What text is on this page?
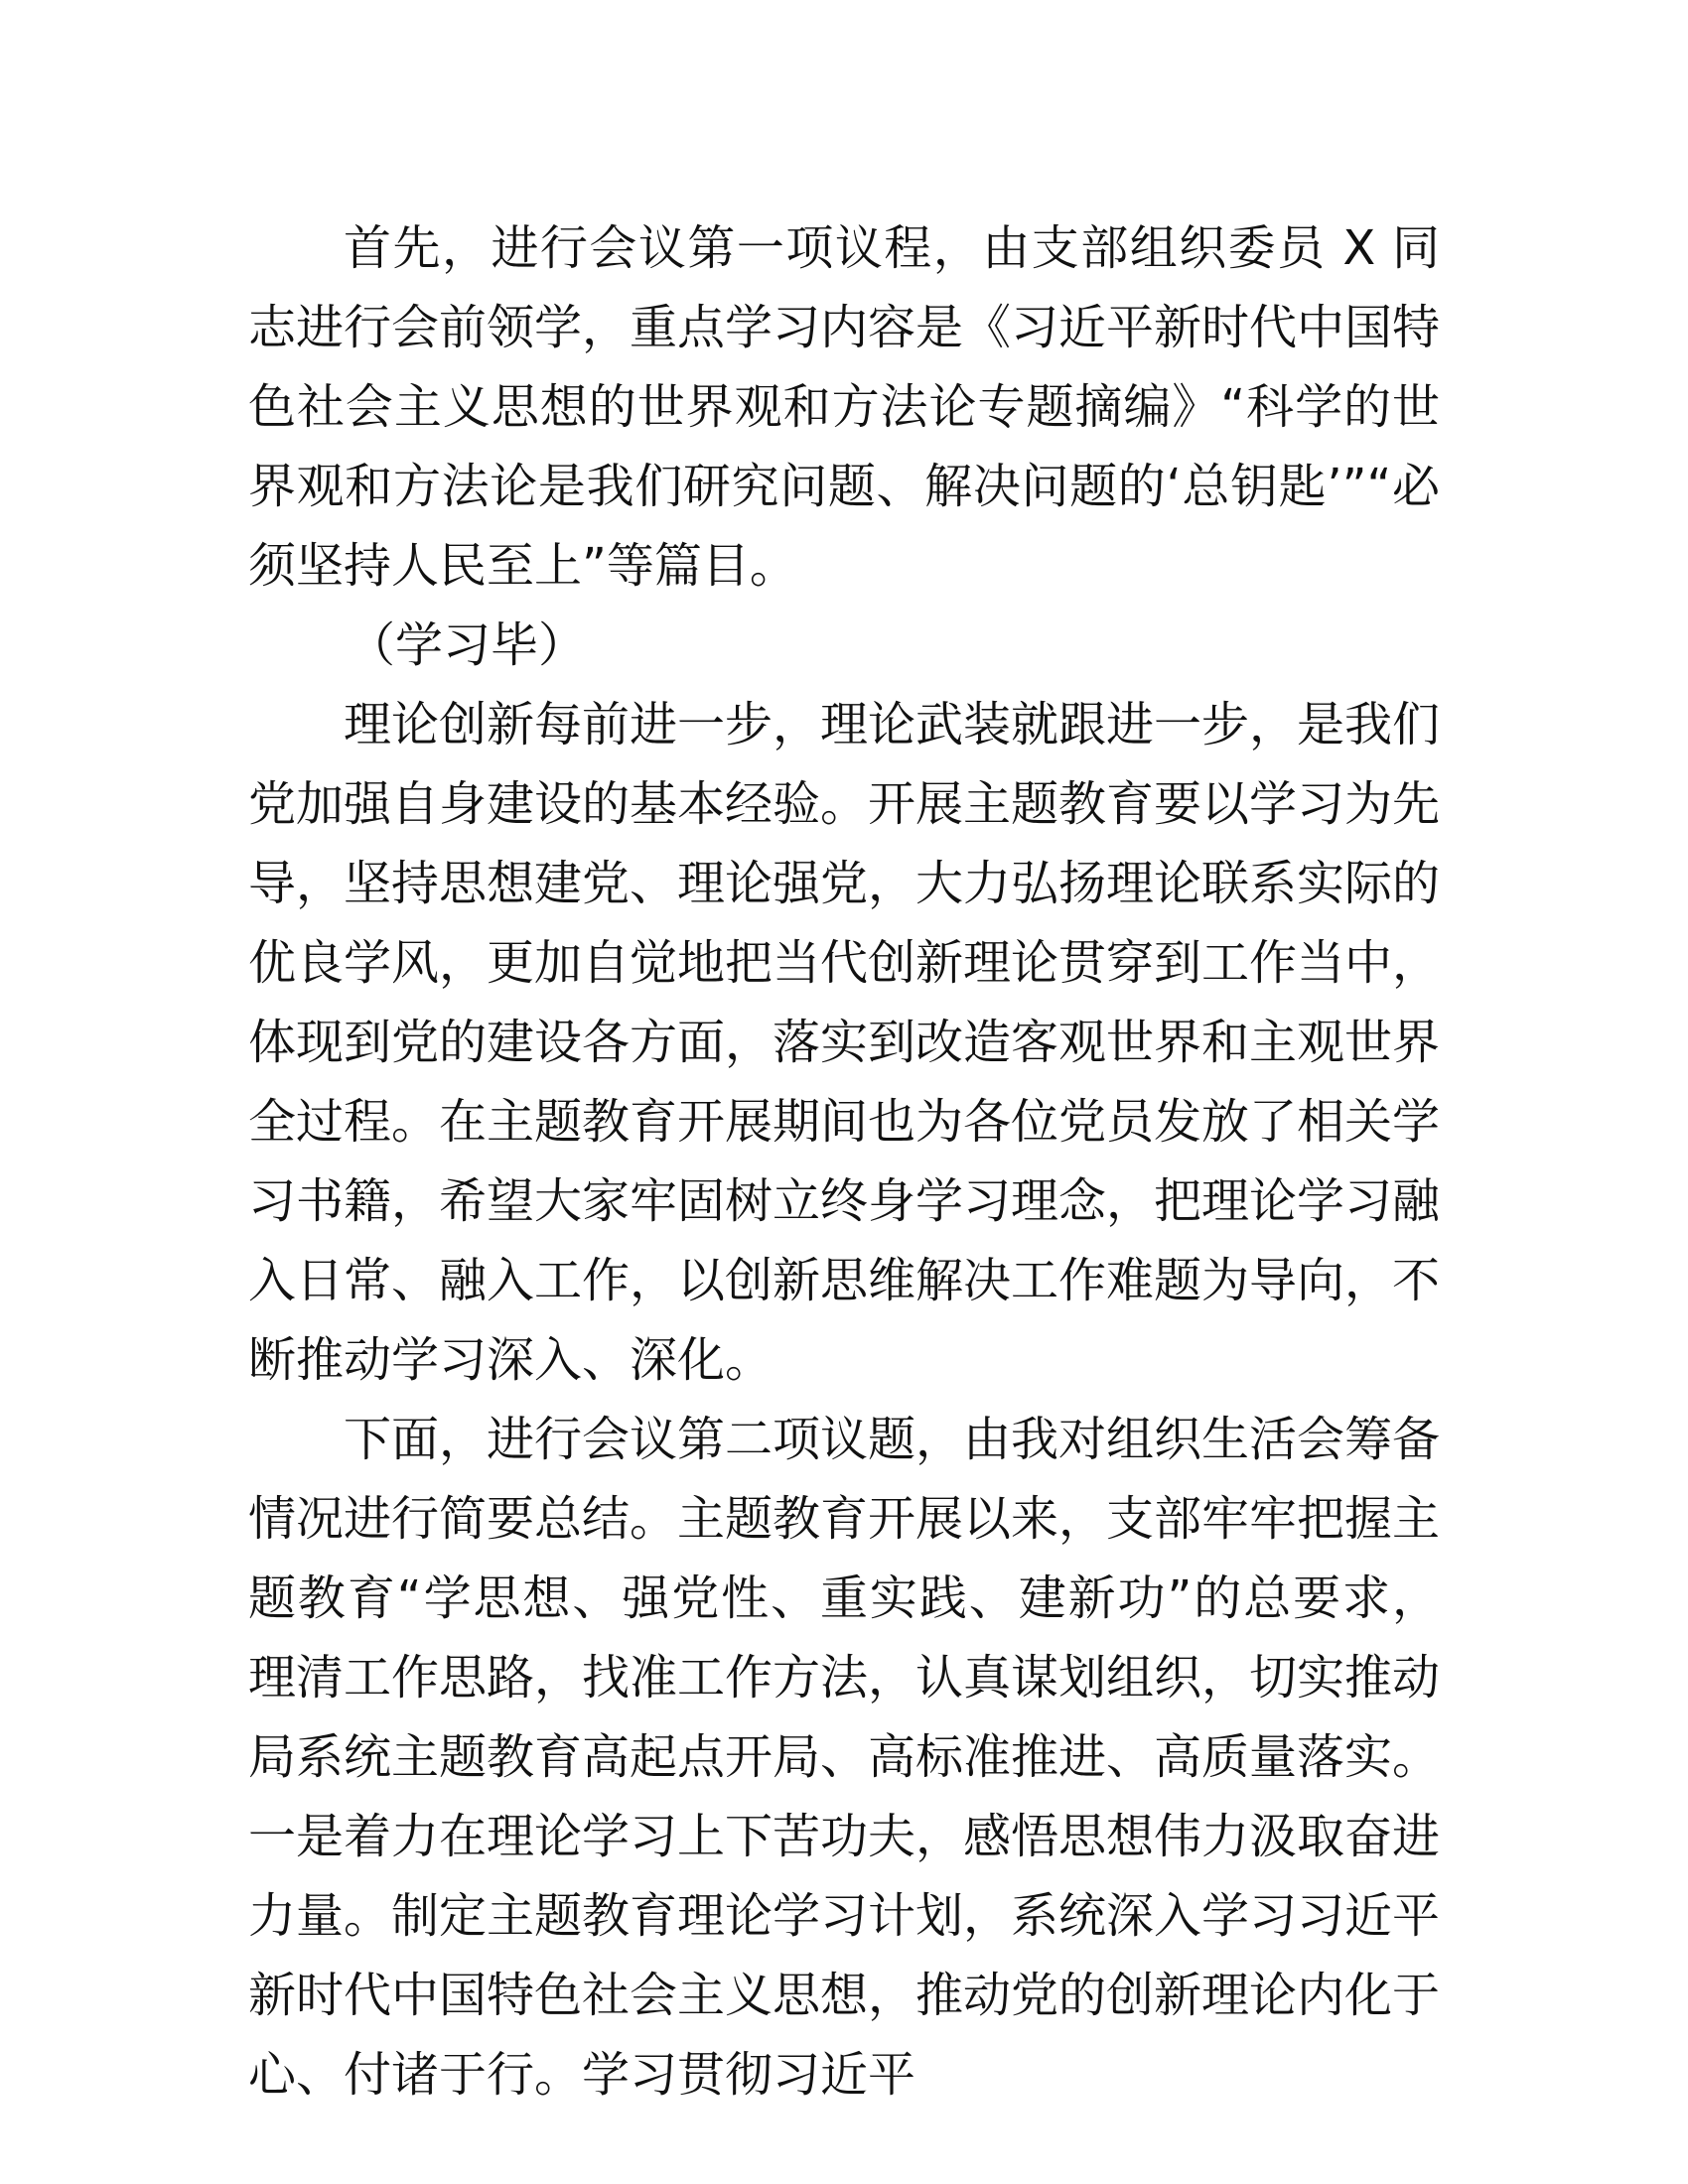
首先，进行会议第一项议程，由支部组织委员 X 同志进行会前领学，重点学习内容是《习近平新时代中国特色社会主义思想的世界观和方法论专题摘编》“科学的世界观和方法论是我们研究问题、解决问题的‘总钥匙’”“必须坚持人民至上”等篇目。

（学习毕）

理论创新每前进一步，理论武装就跟进一步，是我们党加强自身建设的基本经验。开展主题教育要以学习为先导，坚持思想建党、理论强党，大力弘扬理论联系实际的优良学风，更加自觉地把当代创新理论贯穿到工作当中，体现到党的建设各方面，落实到改造客观世界和主观世界全过程。在主题教育开展期间也为各位党员发放了相关学习书籍，希望大家牢固树立终身学习理念，把理论学习融入日常、融入工作，以创新思维解决工作难题为导向，不断推动学习深入、深化。

下面，进行会议第二项议题，由我对组织生活会筹备情况进行简要总结。主题教育开展以来，支部牢牢把握主题教育“学思想、强党性、重实践、建新功”的总要求，理清工作思路，找准工作方法，认真谋划组织，切实推动局系统主题教育高起点开局、高标准推进、高质量落实。一是着力在理论学习上下苦功夫，感悟思想伟力汲取奋进力量。制定主题教育理论学习计划，系统深入学习习近平新时代中国特色社会主义思想，推动党的创新理论内化于心、付诸于行。学习贯彻习近平
